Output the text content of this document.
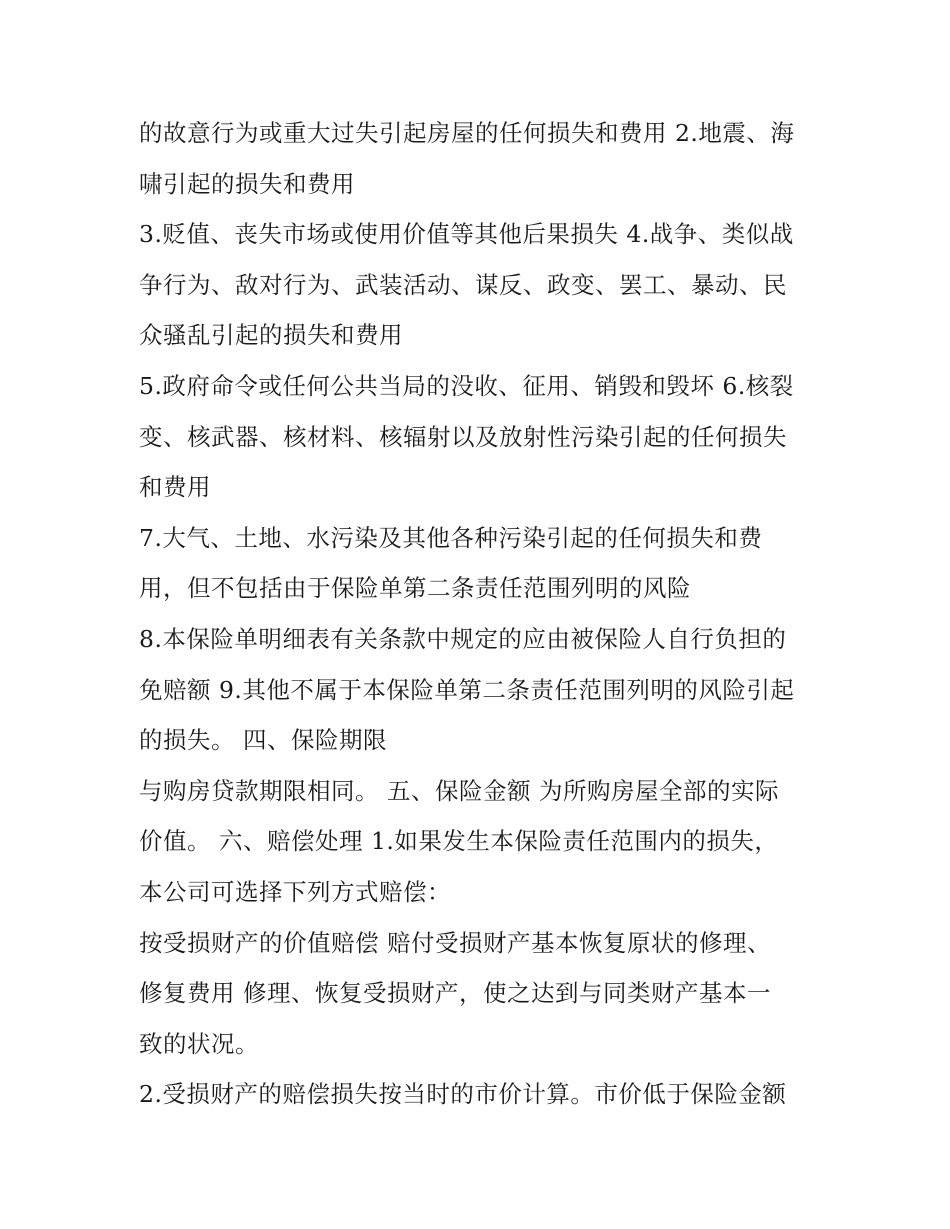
的故意行为或重大过失引起房屋的任何损失和费用 2.地震、海
啸引起的损失和费用
3.贬值、丧失市场或使用价值等其他后果损失 4.战争、类似战
争行为、敌对行为、武装活动、谋反、政变、罢工、暴动、民
众骚乱引起的损失和费用
5.政府命令或任何公共当局的没收、征用、销毁和毁坏 6.核裂
变、核武器、核材料、核辐射以及放射性污染引起的任何损失
和费用
7.大气、土地、水污染及其他各种污染引起的任何损失和费
用，但不包括由于保险单第二条责任范围列明的风险
8.本保险单明细表有关条款中规定的应由被保险人自行负担的
免赔额 9.其他不属于本保险单第二条责任范围列明的风险引起
的损失。 四、保险期限
与购房贷款期限相同。 五、保险金额 为所购房屋全部的实际
价值。 六、赔偿处理 1.如果发生本保险责任范围内的损失，
本公司可选择下列方式赔偿：
按受损财产的价值赔偿 赔付受损财产基本恢复原状的修理、
修复费用 修理、恢复受损财产，使之达到与同类财产基本一
致的状况。
2.受损财产的赔偿损失按当时的市价计算。市价低于保险金额
